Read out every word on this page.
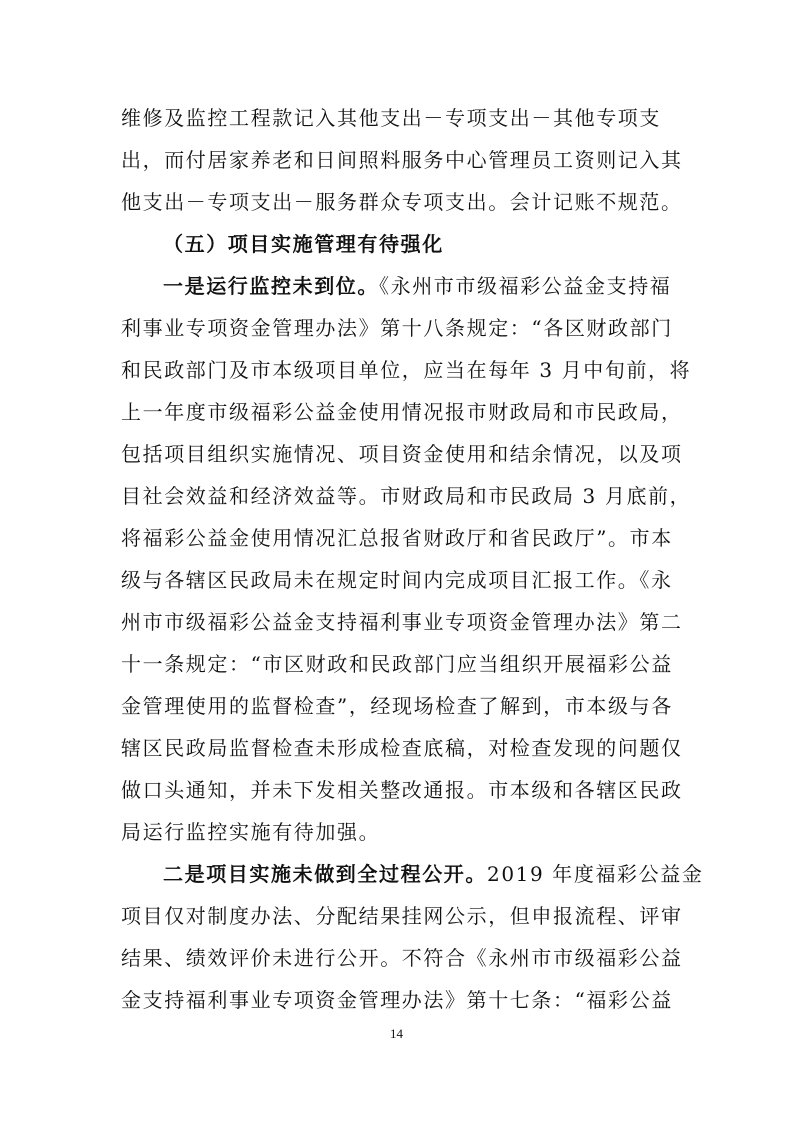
维修及监控工程款记入其他支出－专项支出－其他专项支
出，而付居家养老和日间照料服务中心管理员工资则记入其
他支出－专项支出－服务群众专项支出。会计记账不规范。
（五）项目实施管理有待强化
一是运行监控未到位。《永州市市级福彩公益金支持福
利事业专项资金管理办法》第十八条规定：“各区财政部门
和民政部门及市本级项目单位，应当在每年 3 月中旬前，将
上一年度市级福彩公益金使用情况报市财政局和市民政局，
包括项目组织实施情况、项目资金使用和结余情况，以及项
目社会效益和经济效益等。市财政局和市民政局 3 月底前，
将福彩公益金使用情况汇总报省财政厅和省民政厅”。市本
级与各辖区民政局未在规定时间内完成项目汇报工作。《永
州市市级福彩公益金支持福利事业专项资金管理办法》第二
十一条规定：“市区财政和民政部门应当组织开展福彩公益
金管理使用的监督检查”，经现场检查了解到，市本级与各
辖区民政局监督检查未形成检查底稿，对检查发现的问题仅
做口头通知，并未下发相关整改通报。市本级和各辖区民政
局运行监控实施有待加强。
二是项目实施未做到全过程公开。2019 年度福彩公益金
项目仅对制度办法、分配结果挂网公示，但申报流程、评审
结果、绩效评价未进行公开。不符合《永州市市级福彩公益
金支持福利事业专项资金管理办法》第十七条：“福彩公益
14
